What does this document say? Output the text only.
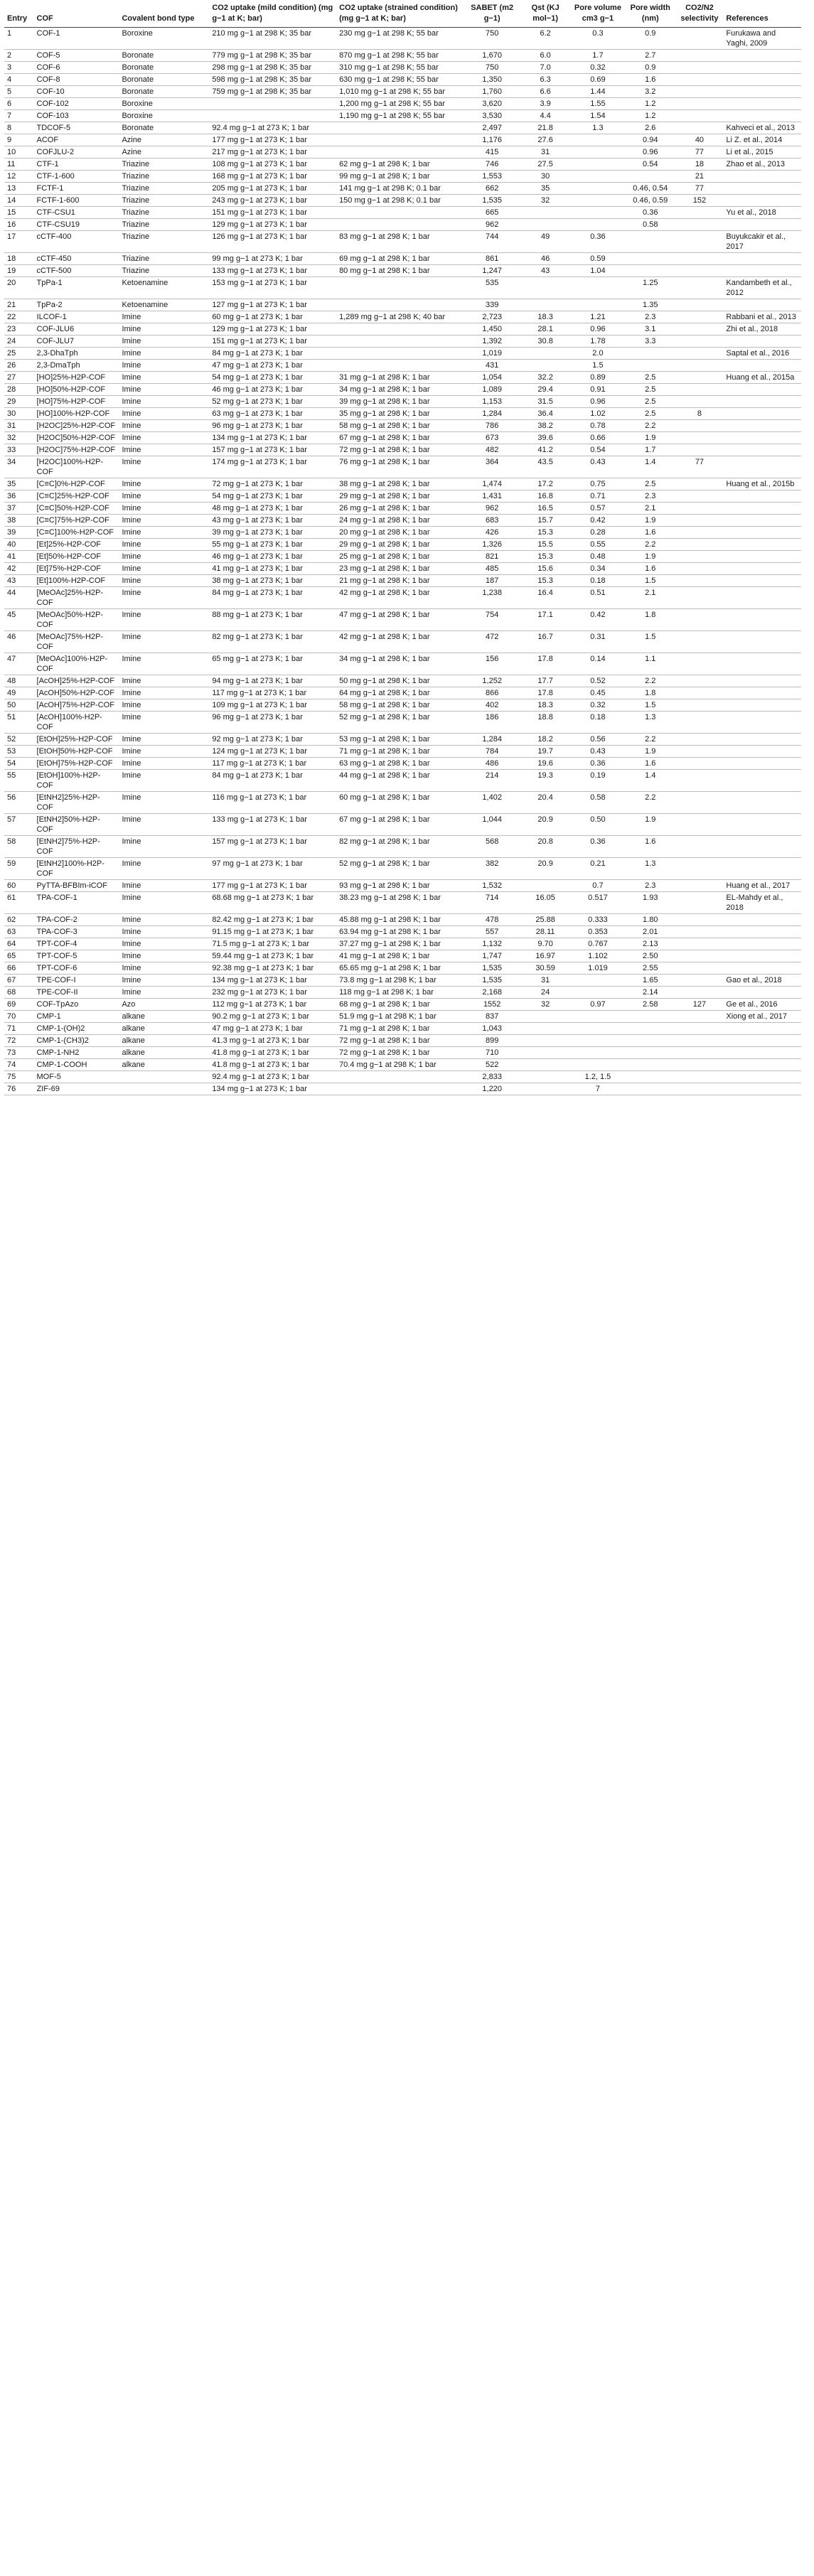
Entry	COF	Covalent bond type	CO2 uptake (mild condition) (mg g−1 at K; bar)	CO2 uptake (strained condition) (mg g−1 at K; bar)	SABET (m2 g−1)	Qst (KJ mol−1)	Pore volume cm3 g−1	Pore width (nm)	CO2/N2 selectivity	References
1	COF-1	Boroxine	210 mg g−1 at 298 K; 35 bar	230 mg g−1 at 298 K; 55 bar	750	6.2	0.3	0.9		Furukawa and Yaghi, 2009
2	COF-5	Boronate	779 mg g−1 at 298 K; 35 bar	870 mg g−1 at 298 K; 55 bar	1,670	6.0	1.7	2.7		
3	COF-6	Boronate	298 mg g−1 at 298 K; 35 bar	310 mg g−1 at 298 K; 55 bar	750	7.0	0.32	0.9		
4	COF-8	Boronate	598 mg g−1 at 298 K; 35 bar	630 mg g−1 at 298 K; 55 bar	1,350	6.3	0.69	1.6		
5	COF-10	Boronate	759 mg g−1 at 298 K; 35 bar	1,010 mg g−1 at 298 K; 55 bar	1,760	6.6	1.44	3.2		
6	COF-102	Boroxine		1,200 mg g−1 at 298 K; 55 bar	3,620	3.9	1.55	1.2		
7	COF-103	Boroxine		1,190 mg g−1 at 298 K; 55 bar	3,530	4.4	1.54	1.2		
8	TDCOF-5	Boronate	92.4 mg g−1 at 273 K; 1 bar		2,497	21.8	1.3	2.6		Kahveci et al., 2013
9	ACOF	Azine	177 mg g−1 at 273 K; 1 bar		1,176	27.6		0.94	40	Li Z. et al., 2014
10	COFJLU-2	Azine	217 mg g−1 at 273 K; 1 bar		415	31		0.96	77	Li et al., 2015
11	CTF-1	Triazine	108 mg g−1 at 273 K; 1 bar	62 mg g−1 at 298 K; 1 bar	746	27.5		0.54	18	Zhao et al., 2013
12	CTF-1-600	Triazine	168 mg g−1 at 273 K; 1 bar	99 mg g−1 at 298 K; 1 bar	1,553	30			21	
13	FCTF-1	Triazine	205 mg g−1 at 273 K; 1 bar	141 mg g−1 at 298 K; 0.1 bar	662	35		0.46, 0.54	77	
14	FCTF-1-600	Triazine	243 mg g−1 at 273 K; 1 bar	150 mg g−1 at 298 K; 0.1 bar	1,535	32		0.46, 0.59	152	
15	CTF-CSU1	Triazine	151 mg g−1 at 273 K; 1 bar		665			0.36		Yu et al., 2018
16	CTF-CSU19	Triazine	129 mg g−1 at 273 K; 1 bar		962			0.58		
17	cCTF-400	Triazine	126 mg g−1 at 273 K; 1 bar	83 mg g−1 at 298 K; 1 bar	744	49	0.36			Buyukcakir et al., 2017
18	cCTF-450	Triazine	99 mg g−1 at 273 K; 1 bar	69 mg g−1 at 298 K; 1 bar	861	46	0.59			
19	cCTF-500	Triazine	133 mg g−1 at 273 K; 1 bar	80 mg g−1 at 298 K; 1 bar	1,247	43	1.04			
20	TpPa-1	Ketoenamine	153 mg g−1 at 273 K; 1 bar		535			1.25		Kandambeth et al., 2012
21	TpPa-2	Ketoenamine	127 mg g−1 at 273 K; 1 bar		339			1.35		
22	ILCOF-1	Imine	60 mg g−1 at 273 K; 1 bar	1,289 mg g−1 at 298 K; 40 bar	2,723	18.3	1.21	2.3		Rabbani et al., 2013
23	COF-JLU6	Imine	129 mg g−1 at 273 K; 1 bar		1,450	28.1	0.96	3.1		Zhi et al., 2018
24	COF-JLU7	Imine	151 mg g−1 at 273 K; 1 bar		1,392	30.8	1.78	3.3		
25	2,3-DhaTph	Imine	84 mg g−1 at 273 K; 1 bar		1,019		2.0			Saptal et al., 2016
26	2,3-DmaTph	Imine	47 mg g−1 at 273 K; 1 bar		431		1.5			
27	[HO]25%-H2P-COF	Imine	54 mg g−1 at 273 K; 1 bar	31 mg g−1 at 298 K; 1 bar	1,054	32.2	0.89	2.5		Huang et al., 2015a
28	[HO]50%-H2P-COF	Imine	46 mg g−1 at 273 K; 1 bar	34 mg g−1 at 298 K; 1 bar	1,089	29.4	0.91	2.5		
29	[HO]75%-H2P-COF	Imine	52 mg g−1 at 273 K; 1 bar	39 mg g−1 at 298 K; 1 bar	1,153	31.5	0.96	2.5		
30	[HO]100%-H2P-COF	Imine	63 mg g−1 at 273 K; 1 bar	35 mg g−1 at 298 K; 1 bar	1,284	36.4	1.02	2.5	8	
31	[H2OC]25%-H2P-COF	Imine	96 mg g−1 at 273 K; 1 bar	58 mg g−1 at 298 K; 1 bar	786	38.2	0.78	2.2		
32	[H2OC]50%-H2P-COF	Imine	134 mg g−1 at 273 K; 1 bar	67 mg g−1 at 298 K; 1 bar	673	39.6	0.66	1.9		
33	[H2OC]75%-H2P-COF	Imine	157 mg g−1 at 273 K; 1 bar	72 mg g−1 at 298 K; 1 bar	482	41.2	0.54	1.7		
34	[H2OC]100%-H2P-COF	Imine	174 mg g−1 at 273 K; 1 bar	76 mg g−1 at 298 K; 1 bar	364	43.5	0.43	1.4	77	
35	[C≡C]0%-H2P-COF	Imine	72 mg g−1 at 273 K; 1 bar	38 mg g−1 at 298 K; 1 bar	1,474	17.2	0.75	2.5		Huang et al., 2015b
36	[C≡C]25%-H2P-COF	Imine	54 mg g−1 at 273 K; 1 bar	29 mg g−1 at 298 K; 1 bar	1,431	16.8	0.71	2.3		
37	[C≡C]50%-H2P-COF	Imine	48 mg g−1 at 273 K; 1 bar	26 mg g−1 at 298 K; 1 bar	962	16.5	0.57	2.1		
38	[C≡C]75%-H2P-COF	Imine	43 mg g−1 at 273 K; 1 bar	24 mg g−1 at 298 K; 1 bar	683	15.7	0.42	1.9		
39	[C≡C]100%-H2P-COF	Imine	39 mg g−1 at 273 K; 1 bar	20 mg g−1 at 298 K; 1 bar	426	15.3	0.28	1.6		
40	[Et]25%-H2P-COF	Imine	55 mg g−1 at 273 K; 1 bar	29 mg g−1 at 298 K; 1 bar	1,326	15.5	0.55	2.2		
41	[Et]50%-H2P-COF	Imine	46 mg g−1 at 273 K; 1 bar	25 mg g−1 at 298 K; 1 bar	821	15.3	0.48	1.9		
42	[Et]75%-H2P-COF	Imine	41 mg g−1 at 273 K; 1 bar	23 mg g−1 at 298 K; 1 bar	485	15.6	0.34	1.6		
43	[Et]100%-H2P-COF	Imine	38 mg g−1 at 273 K; 1 bar	21 mg g−1 at 298 K; 1 bar	187	15.3	0.18	1.5		
44	[MeOAc]25%-H2P-COF	Imine	84 mg g−1 at 273 K; 1 bar	42 mg g−1 at 298 K; 1 bar	1,238	16.4	0.51	2.1		
45	[MeOAc]50%-H2P-COF	Imine	88 mg g−1 at 273 K; 1 bar	47 mg g−1 at 298 K; 1 bar	754	17.1	0.42	1.8		
46	[MeOAc]75%-H2P-COF	Imine	82 mg g−1 at 273 K; 1 bar	42 mg g−1 at 298 K; 1 bar	472	16.7	0.31	1.5		
47	[MeOAc]100%-H2P-COF	Imine	65 mg g−1 at 273 K; 1 bar	34 mg g−1 at 298 K; 1 bar	156	17.8	0.14	1.1		
48	[AcOH]25%-H2P-COF	Imine	94 mg g−1 at 273 K; 1 bar	50 mg g−1 at 298 K; 1 bar	1,252	17.7	0.52	2.2		
49	[AcOH]50%-H2P-COF	Imine	117 mg g−1 at 273 K; 1 bar	64 mg g−1 at 298 K; 1 bar	866	17.8	0.45	1.8		
50	[AcOH]75%-H2P-COF	Imine	109 mg g−1 at 273 K; 1 bar	58 mg g−1 at 298 K; 1 bar	402	18.3	0.32	1.5		
51	[AcOH]100%-H2P-COF	Imine	96 mg g−1 at 273 K; 1 bar	52 mg g−1 at 298 K; 1 bar	186	18.8	0.18	1.3		
52	[EtOH]25%-H2P-COF	Imine	92 mg g−1 at 273 K; 1 bar	53 mg g−1 at 298 K; 1 bar	1,284	18.2	0.56	2.2		
53	[EtOH]50%-H2P-COF	Imine	124 mg g−1 at 273 K; 1 bar	71 mg g−1 at 298 K; 1 bar	784	19.7	0.43	1.9		
54	[EtOH]75%-H2P-COF	Imine	117 mg g−1 at 273 K; 1 bar	63 mg g−1 at 298 K; 1 bar	486	19.6	0.36	1.6		
55	[EtOH]100%-H2P-COF	Imine	84 mg g−1 at 273 K; 1 bar	44 mg g−1 at 298 K; 1 bar	214	19.3	0.19	1.4		
56	[EtNH2]25%-H2P-COF	Imine	116 mg g−1 at 273 K; 1 bar	60 mg g−1 at 298 K; 1 bar	1,402	20.4	0.58	2.2		
57	[EtNH2]50%-H2P-COF	Imine	133 mg g−1 at 273 K; 1 bar	67 mg g−1 at 298 K; 1 bar	1,044	20.9	0.50	1.9		
58	[EtNH2]75%-H2P-COF	Imine	157 mg g−1 at 273 K; 1 bar	82 mg g−1 at 298 K; 1 bar	568	20.8	0.36	1.6		
59	[EtNH2]100%-H2P-COF	Imine	97 mg g−1 at 273 K; 1 bar	52 mg g−1 at 298 K; 1 bar	382	20.9	0.21	1.3		
60	PyTTA-BFBIm-iCOF	Imine	177 mg g−1 at 273 K; 1 bar	93 mg g−1 at 298 K; 1 bar	1,532		0.7	2.3		Huang et al., 2017
61	TPA-COF-1	Imine	68.68 mg g−1 at 273 K; 1 bar	38.23 mg g−1 at 298 K; 1 bar	714	16.05	0.517	1.93		EL-Mahdy et al., 2018
62	TPA-COF-2	Imine	82.42 mg g−1 at 273 K; 1 bar	45.88 mg g−1 at 298 K; 1 bar	478	25.88	0.333	1.80		
63	TPA-COF-3	Imine	91.15 mg g−1 at 273 K; 1 bar	63.94 mg g−1 at 298 K; 1 bar	557	28.11	0.353	2.01		
64	TPT-COF-4	Imine	71.5 mg g−1 at 273 K; 1 bar	37.27 mg g−1 at 298 K; 1 bar	1,132	9.70	0.767	2.13		
65	TPT-COF-5	Imine	59.44 mg g−1 at 273 K; 1 bar	41 mg g−1 at 298 K; 1 bar	1,747	16.97	1.102	2.50		
66	TPT-COF-6	Imine	92.38 mg g−1 at 273 K; 1 bar	65.65 mg g−1 at 298 K; 1 bar	1,535	30.59	1.019	2.55		
67	TPE-COF-I	Imine	134 mg g−1 at 273 K; 1 bar	73.8 mg g−1 at 298 K; 1 bar	1,535	31		1.65		Gao et al., 2018
68	TPE-COF-II	Imine	232 mg g−1 at 273 K; 1 bar	118 mg g−1 at 298 K; 1 bar	2,168	24		2.14		
69	COF-TpAzo	Azo	112 mg g−1 at 273 K; 1 bar	68 mg g−1 at 298 K; 1 bar	1552	32	0.97	2.58	127	Ge et al., 2016
70	CMP-1	alkane	90.2 mg g−1 at 273 K; 1 bar	51.9 mg g−1 at 298 K; 1 bar	837					Xiong et al., 2017
71	CMP-1-(OH)2	alkane	47 mg g−1 at 273 K; 1 bar	71 mg g−1 at 298 K; 1 bar	1,043					
72	CMP-1-(CH3)2	alkane	41.3 mg g−1 at 273 K; 1 bar	72 mg g−1 at 298 K; 1 bar	899					
73	CMP-1-NH2	alkane	41.8 mg g−1 at 273 K; 1 bar	72 mg g−1 at 298 K; 1 bar	710					
74	CMP-1-COOH	alkane	41.8 mg g−1 at 273 K; 1 bar	70.4 mg g−1 at 298 K; 1 bar	522					
75	MOF-5		92.4 mg g−1 at 273 K; 1 bar		2,833		1.2, 1.5			
76	ZIF-69		134 mg g−1 at 273 K; 1 bar		1,220		7			
